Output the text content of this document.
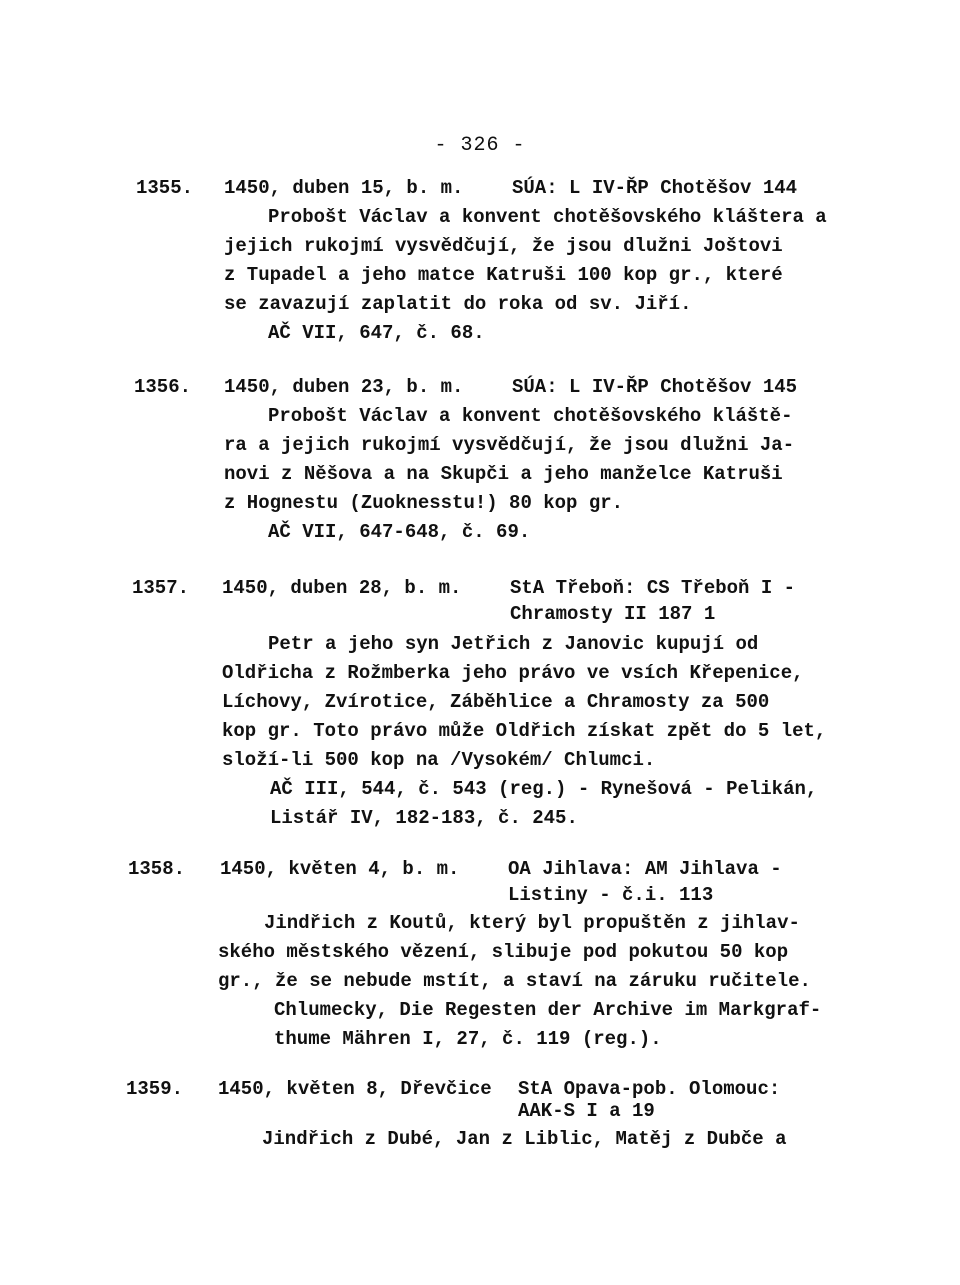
- 326 -
1355. 1450, duben 15, b. m.	SÚA: L IV-ŘP Chotěšov 144
Probošt Václav a konvent chotěšovského kláštera a
jejich rukojmí vysvědčují, že jsou dlužni Joštovi
z Tupadel a jeho matce Katruši 100 kop gr., které
se zavazují zaplatit do roka od sv. Jiří.
AČ VII, 647, č. 68.
1356. 1450, duben 23, b. m.	SÚA: L IV-ŘP Chotěšov 145
Probošt Václav a konvent chotěšovského kláště-
ra a jejich rukojmí vysvědčují, že jsou dlužni Ja-
novi z Něšova a na Skupči a jeho manželce Katruši
z Hognestu (Zuoknesstu!) 80 kop gr.
AČ VII, 647-648, č. 69.
1357. 1450, duben 28, b. m.	StA Třeboň: CS Třeboň I -
Chramosty II 187 1
Petr a jeho syn Jetřich z Janovic kupují od
Oldřicha z Rožmberka jeho právo ve vsích Křepenice,
Líchovy, Zvírotice, Záběhlice a Chramosty za 500
kop gr. Toto právo může Oldřich získat zpět do 5 let,
složí-li 500 kop na /Vysokém/ Chlumci.
AČ III, 544, č. 543 (reg.) - Rynešová - Pelikán,
Listář IV, 182-183, č. 245.
1358. 1450, květen 4, b. m.	OA Jihlava: AM Jihlava -
Listiny - č.i. 113
Jindřich z Koutů, který byl propuštěn z jihlav-
ského městského vězení, slibuje pod pokutou 50 kop
gr., že se nebude mstít, a staví na záruku ručitele.
Chlumecky, Die Regesten der Archive im Markgraf-
thume Mähren I, 27, č. 119 (reg.).
1359. 1450, květen 8, Dřevčice StA Opava-pob. Olomouc:
AAK-S I a 19
Jindřich z Dubé, Jan z Liblic, Matěj z Dubče a
